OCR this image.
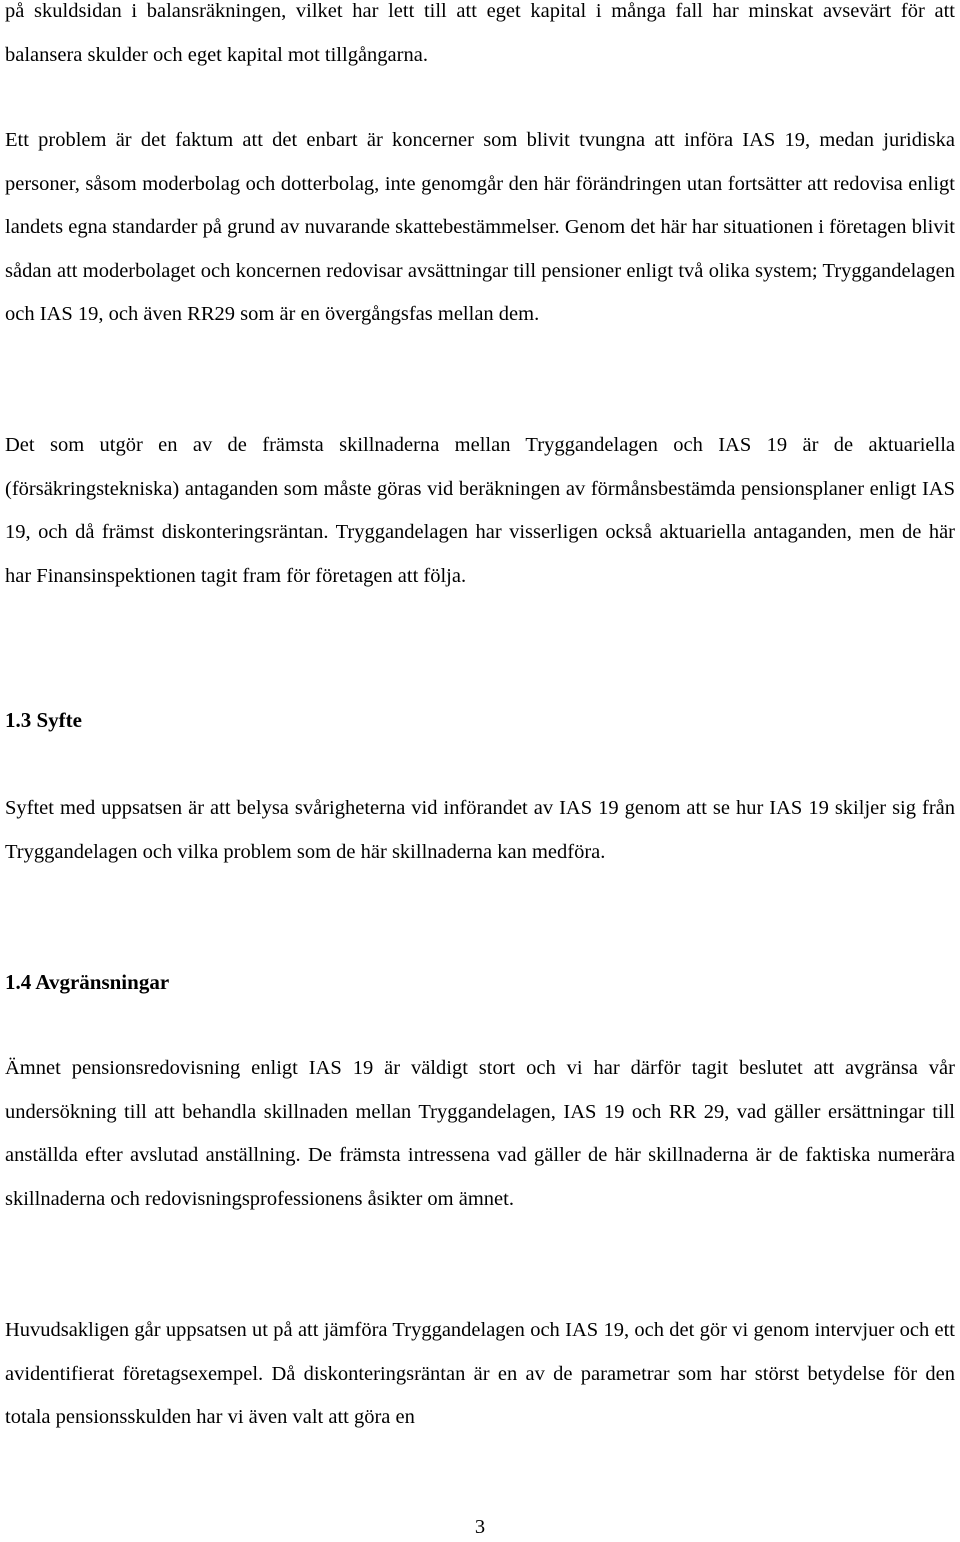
på skuldsidan i balansräkningen, vilket har lett till att eget kapital i många fall har minskat avsevärt för att balansera skulder och eget kapital mot tillgångarna.

Ett problem är det faktum att det enbart är koncerner som blivit tvungna att införa IAS 19, medan juridiska personer, såsom moderbolag och dotterbolag, inte genomgår den här förändringen utan fortsätter att redovisa enligt landets egna standarder på grund av nuvarande skattebestämmelser. Genom det här har situationen i företagen blivit sådan att moderbolaget och koncernen redovisar avsättningar till pensioner enligt två olika system; Tryggandelagen och IAS 19, och även RR29 som är en övergångsfas mellan dem.

Det som utgör en av de främsta skillnaderna mellan Tryggandelagen och IAS 19 är de aktuariella (försäkringstekniska) antaganden som måste göras vid beräkningen av förmånsbestämda pensionsplaner enligt IAS 19, och då främst diskonteringsräntan. Tryggandelagen har visserligen också aktuariella antaganden, men de här har Finansinspektionen tagit fram för företagen att följa.

1.3 Syfte

Syftet med uppsatsen är att belysa svårigheterna vid införandet av IAS 19 genom att se hur IAS 19 skiljer sig från Tryggandelagen och vilka problem som de här skillnaderna kan medföra.

1.4 Avgränsningar

Ämnet pensionsredovisning enligt IAS 19 är väldigt stort och vi har därför tagit beslutet att avgränsa vår undersökning till att behandla skillnaden mellan Tryggandelagen, IAS 19 och RR 29, vad gäller ersättningar till anställda efter avslutad anställning. De främsta intressena vad gäller de här skillnaderna är de faktiska numerära skillnaderna och redovisningsprofessionens åsikter om ämnet.

Huvudsakligen går uppsatsen ut på att jämföra Tryggandelagen och IAS 19, och det gör vi genom intervjuer och ett avidentifierat företagsexempel. Då diskonteringsräntan är en av de parametrar som har störst betydelse för den totala pensionsskulden har vi även valt att göra en

3
